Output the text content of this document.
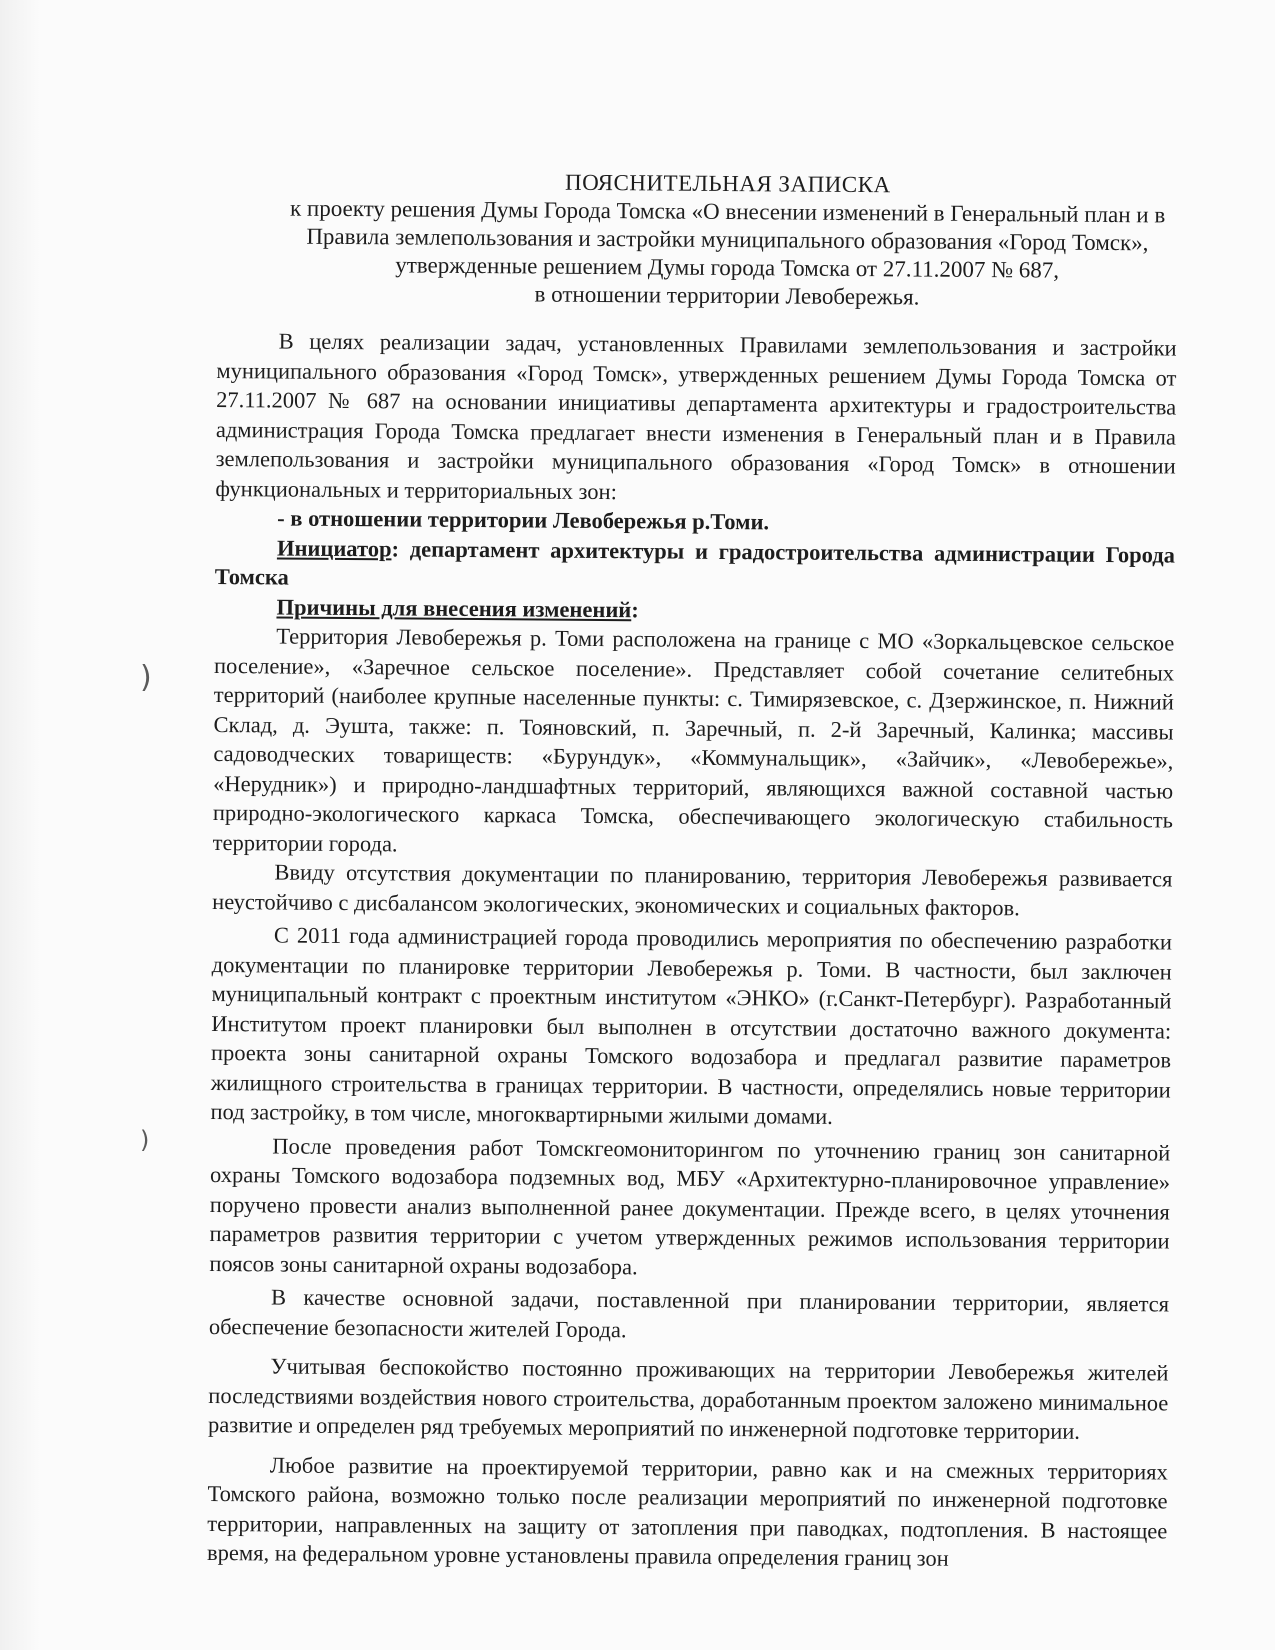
)
)
ПОЯСНИТЕЛЬНАЯ ЗАПИСКА
к проекту решения Думы Города Томска «О внесении изменений в Генеральный план и в
Правила землепользования и застройки муниципального образования «Город Томск»,
утвержденные решением Думы города Томска от 27.11.2007 № 687,
в отношении территории Левобережья.

В целях реализации задач, установленных Правилами землепользования и застройки муниципального образования «Город Томск», утвержденных решением Думы Города Томска от 27.11.2007 № 687 на основании инициативы департамента архитектуры и градостроительства администрация Города Томска предлагает внести изменения в Генеральный план и в Правила землепользования и застройки муниципального образования «Город Томск» в отношении функциональных и территориальных зон:

- в отношении территории Левобережья р.Томи.

Инициатор: департамент архитектуры и градостроительства администрации Города Томска

Причины для внесения изменений:

Территория Левобережья р. Томи расположена на границе с МО «Зоркальцевское сельское поселение», «Заречное сельское поселение». Представляет собой сочетание селитебных территорий (наиболее крупные населенные пункты: с. Тимирязевское, с. Дзержинское, п. Нижний Склад, д. Эушта, также: п. Тояновский, п. Заречный, п. 2-й Заречный, Калинка; массивы садоводческих товариществ: «Бурундук», «Коммунальщик», «Зайчик», «Левобережье», «Нерудник») и природно-ландшафтных территорий, являющихся важной составной частью природно-экологического каркаса Томска, обеспечивающего экологическую стабильность территории города.

Ввиду отсутствия документации по планированию, территория Левобережья развивается неустойчиво с дисбалансом экологических, экономических и социальных факторов.

С 2011 года администрацией города проводились мероприятия по обеспечению разработки документации по планировке территории Левобережья р. Томи. В частности, был заключен муниципальный контракт с проектным институтом «ЭНКО» (г.Санкт-Петербург). Разработанный Институтом проект планировки был выполнен в отсутствии достаточно важного документа: проекта зоны санитарной охраны Томского водозабора и предлагал развитие параметров жилищного строительства в границах территории. В частности, определялись новые территории под застройку, в том числе, многоквартирными жилыми домами.

После проведения работ Томскгеомониторингом по уточнению границ зон санитарной охраны Томского водозабора подземных вод, МБУ «Архитектурно-планировочное управление» поручено провести анализ выполненной ранее документации. Прежде всего, в целях уточнения параметров развития территории с учетом утвержденных режимов использования территории поясов зоны санитарной охраны водозабора.

В качестве основной задачи, поставленной при планировании территории, является обеспечение безопасности жителей Города.

Учитывая беспокойство постоянно проживающих на территории Левобережья жителей последствиями воздействия нового строительства, доработанным проектом заложено минимальное развитие и определен ряд требуемых мероприятий по инженерной подготовке территории.

Любое развитие на проектируемой территории, равно как и на смежных территориях Томского района, возможно только после реализации мероприятий по инженерной подготовке территории, направленных на защиту от затопления при паводках, подтопления. В настоящее время, на федеральном уровне установлены правила определения границ зон
